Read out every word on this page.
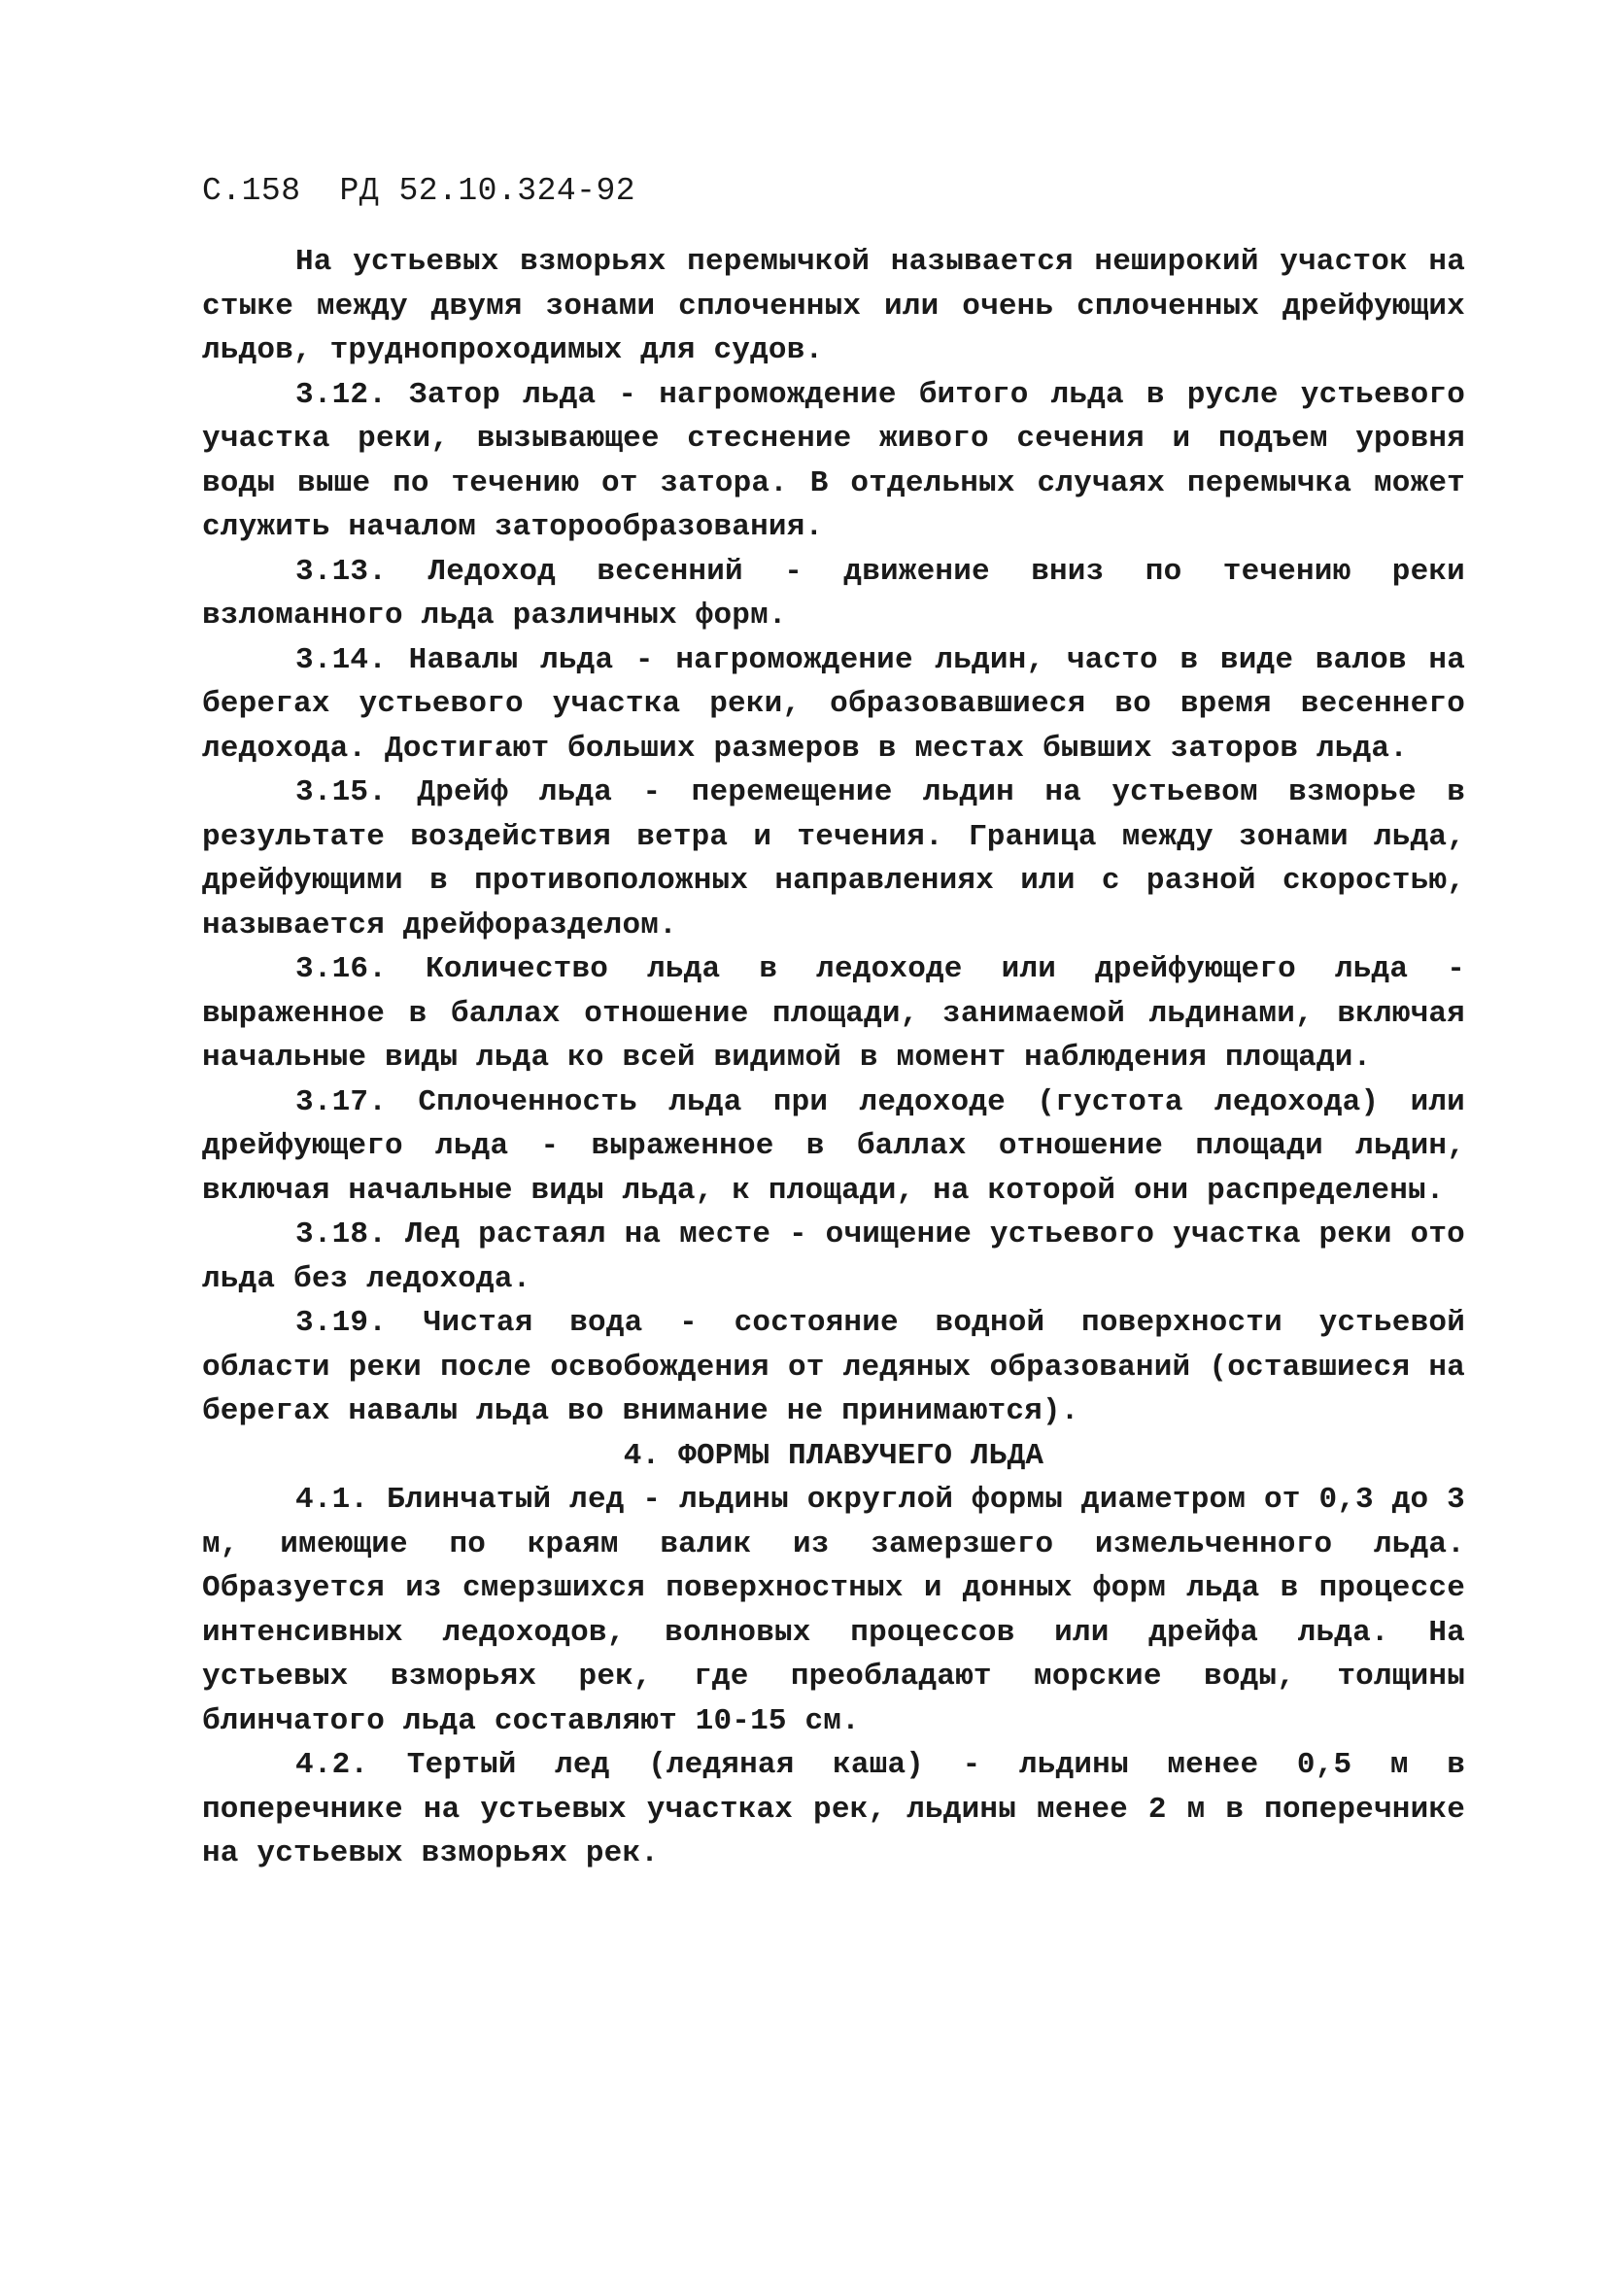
С.158 РД 52.10.324-92

На устьевых взморьях перемычкой называется неширокий участок на стыке между двумя зонами сплоченных или очень сплоченных дрейфующих льдов, труднопроходимых для судов.

3.12. Затор льда - нагромождение битого льда в русле устьевого участка реки, вызывающее стеснение живого сечения и подъем уровня воды выше по течению от затора. В отдельных случаях перемычка может служить началом заторообразования.

3.13. Ледоход весенний - движение вниз по течению реки взломанного льда различных форм.

3.14. Навалы льда - нагромождение льдин, часто в виде валов на берегах устьевого участка реки, образовавшиеся во время весеннего ледохода. Достигают больших размеров в местах бывших заторов льда.

3.15. Дрейф льда - перемещение льдин на устьевом взморье в результате воздействия ветра и течения. Граница между зонами льда, дрейфующими в противоположных направлениях или с разной скоростью, называется дрейфоразделом.

3.16. Количество льда в ледоходе или дрейфующего льда - выраженное в баллах отношение площади, занимаемой льдинами, включая начальные виды льда ко всей видимой в момент наблюдения площади.

3.17. Сплоченность льда при ледоходе (густота ледохода) или дрейфующего льда - выраженное в баллах отношение площади льдин, включая начальные виды льда, к площади, на которой они распределены.

3.18. Лед растаял на месте - очищение устьевого участка реки ото льда без ледохода.

3.19. Чистая вода - состояние водной поверхности устьевой области реки после освобождения от ледяных образований (оставшиеся на берегах навалы льда во внимание не принимаются).

4. ФОРМЫ ПЛАВУЧЕГО ЛЬДА

4.1. Блинчатый лед - льдины округлой формы диаметром от 0,3 до 3 м, имеющие по краям валик из замерзшего измельченного льда. Образуется из смерзшихся поверхностных и донных форм льда в процессе интенсивных ледоходов, волновых процессов или дрейфа льда. На устьевых взморьях рек, где преобладают морские воды, толщины блинчатого льда составляют 10-15 см.

4.2. Тертый лед (ледяная каша) - льдины менее 0,5 м в поперечнике на устьевых участках рек, льдины менее 2 м в поперечнике на устьевых взморьях рек.
